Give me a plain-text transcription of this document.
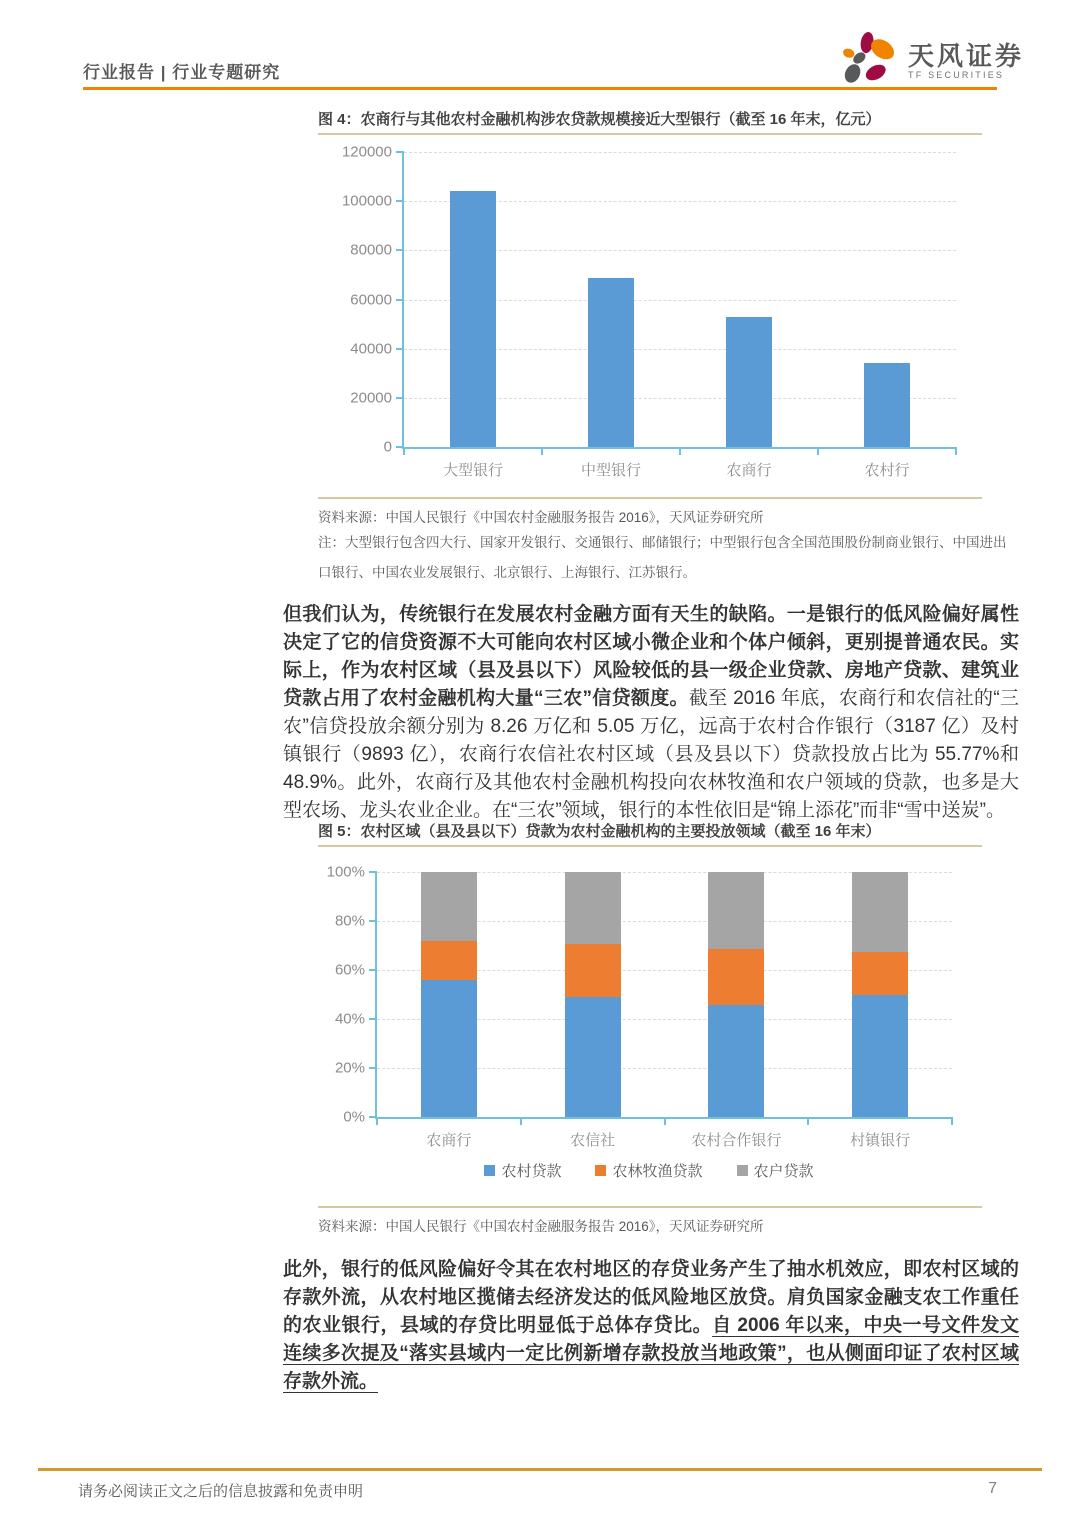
行业报告 | 行业专题研究
天风证券
TF SECURITIES
图 4：农商行与其他农村金融机构涉农贷款规模接近大型银行（截至 16 年末，亿元）
0
20000
40000
60000
80000
100000
120000
大型银行	中型银行	农商行	农村行
资料来源：中国人民银行《中国农村金融服务报告 2016》，天风证券研究所
注：大型银行包含四大行、国家开发银行、交通银行、邮储银行；中型银行包含全国范围股份制商业银行、中国进出口银行、中国农业发展银行、北京银行、上海银行、江苏银行。
但我们认为，传统银行在发展农村金融方面有天生的缺陷。一是银行的低风险偏好属性决定了它的信贷资源不大可能向农村区域小微企业和个体户倾斜，更别提普通农民。实际上，作为农村区域（县及县以下）风险较低的县一级企业贷款、房地产贷款、建筑业贷款占用了农村金融机构大量“三农”信贷额度。截至 2016 年底，农商行和农信社的“三农”信贷投放余额分别为 8.26 万亿和 5.05 万亿，远高于农村合作银行（3187 亿）及村镇银行（9893 亿），农商行农信社农村区域（县及县以下）贷款投放占比为 55.77%和 48.9%。此外，农商行及其他农村金融机构投向农林牧渔和农户领域的贷款，也多是大型农场、龙头农业企业。在“三农”领域，银行的本性依旧是“锦上添花”而非“雪中送炭”。
图 5：农村区域（县及县以下）贷款为农村金融机构的主要投放领域（截至 16 年末）
0%
20%
40%
60%
80%
100%
农商行	农信社	农村合作银行	村镇银行
农村贷款	农林牧渔贷款	农户贷款
资料来源：中国人民银行《中国农村金融服务报告 2016》，天风证券研究所
此外，银行的低风险偏好令其在农村地区的存贷业务产生了抽水机效应，即农村区域的存款外流，从农村地区揽储去经济发达的低风险地区放贷。肩负国家金融支农工作重任的农业银行，县域的存贷比明显低于总体存贷比。自 2006 年以来，中央一号文件发文连续多次提及“落实县域内一定比例新增存款投放当地政策”，也从侧面印证了农村区域存款外流。
请务必阅读正文之后的信息披露和免责申明	7
